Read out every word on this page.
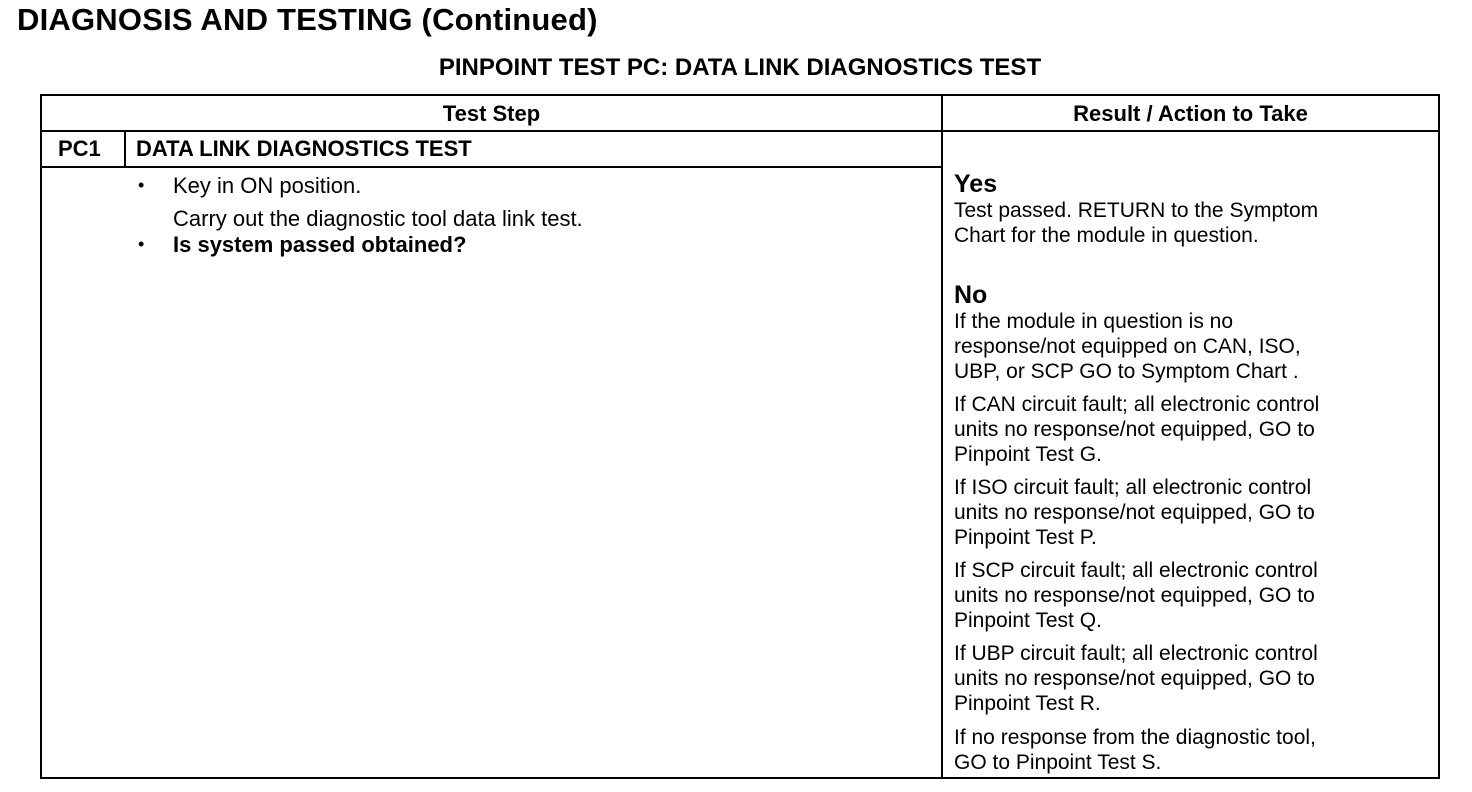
DIAGNOSIS AND TESTING (Continued)
PINPOINT TEST PC: DATA LINK DIAGNOSTICS TEST
Test Step	Result / Action to Take
PC1 DATA LINK DIAGNOSTICS TEST
• Key in ON position.
Carry out the diagnostic tool data link test.
• Is system passed obtained?
Yes
Test passed. RETURN to the Symptom
Chart for the module in question.
No
If the module in question is no
response/not equipped on CAN, ISO,
UBP, or SCP GO to Symptom Chart .
If CAN circuit fault; all electronic control
units no response/not equipped, GO to
Pinpoint Test G.
If ISO circuit fault; all electronic control
units no response/not equipped, GO to
Pinpoint Test P.
If SCP circuit fault; all electronic control
units no response/not equipped, GO to
Pinpoint Test Q.
If UBP circuit fault; all electronic control
units no response/not equipped, GO to
Pinpoint Test R.
If no response from the diagnostic tool,
GO to Pinpoint Test S.
